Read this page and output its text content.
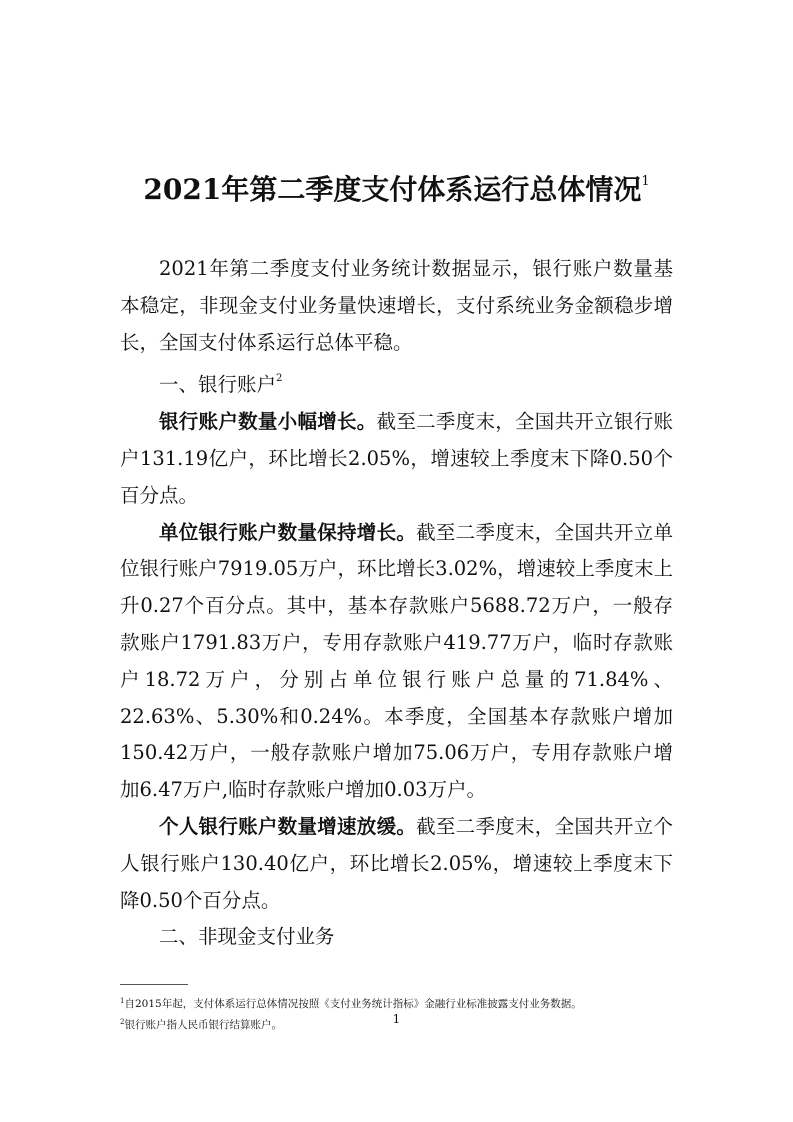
2021年第二季度支付体系运行总体情况$^1$

2021年第二季度支付业务统计数据显示，银行账户数量基本稳定，非现金支付业务量快速增长，支付系统业务金额稳步增长，全国支付体系运行总体平稳。

一、银行账户$^2$

银行账户数量小幅增长。截至二季度末，全国共开立银行账户131.19亿户，环比增长2.05%，增速较上季度末下降0.50个百分点。

单位银行账户数量保持增长。截至二季度末，全国共开立单位银行账户7919.05万户，环比增长3.02%，增速较上季度末上升0.27个百分点。其中，基本存款账户5688.72万户，一般存款账户1791.83万户，专用存款账户419.77万户，临时存款账户18.72万户，分别占单位银行账户总量的71.84%、22.63%、5.30%和0.24%。本季度，全国基本存款账户增加150.42万户，一般存款账户增加75.06万户，专用存款账户增加6.47万户,临时存款账户增加0.03万户。

个人银行账户数量增速放缓。截至二季度末，全国共开立个人银行账户130.40亿户，环比增长2.05%，增速较上季度末下降0.50个百分点。

二、非现金支付业务

$^1$自2015年起，支付体系运行总体情况按照《支付业务统计指标》金融行业标准披露支付业务数据。

$^2$银行账户指人民币银行结算账户。	1
